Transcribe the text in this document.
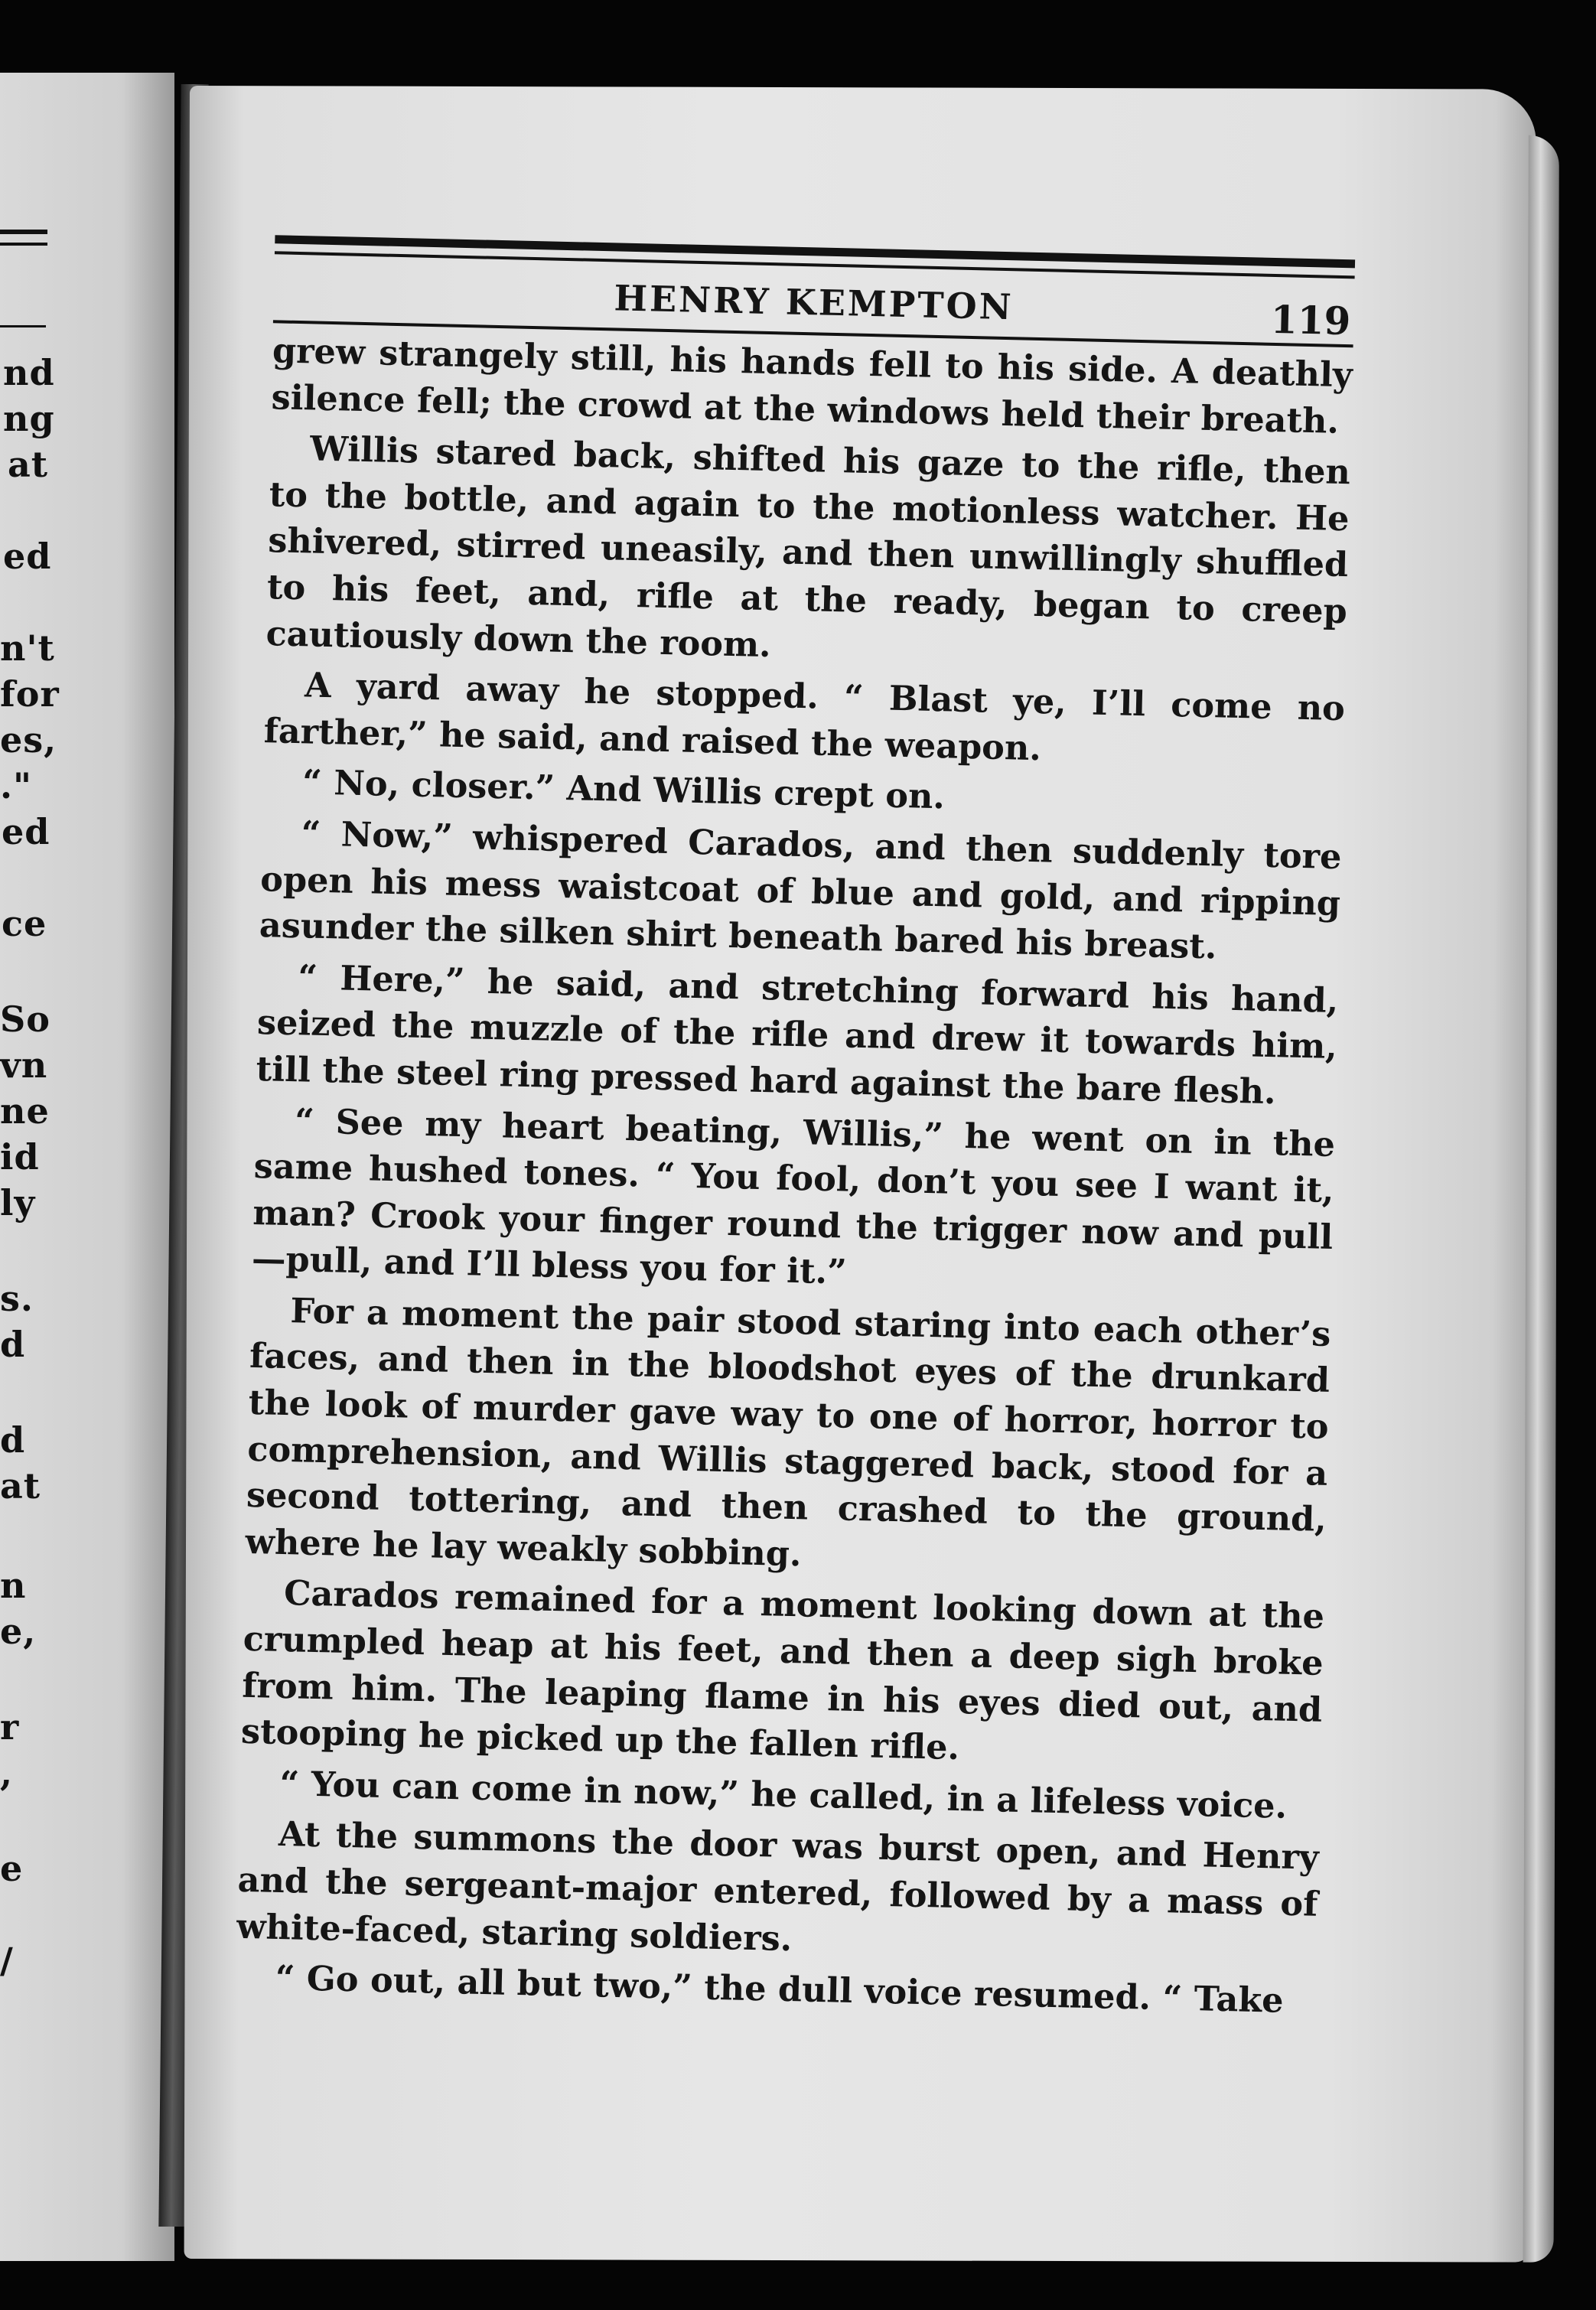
nd
ng
at
ed
n't
for
es,
."
ed
ce
So
vn
ne
id
ly
s.
d
d
at
n
e,
r
,
e
/
HENRY KEMPTON	119

grew strangely still, his hands fell to his side. A deathly silence fell; the crowd at the windows held their breath.

Willis stared back, shifted his gaze to the rifle, then to the bottle, and again to the motionless watcher. He shivered, stirred uneasily, and then unwillingly shuffled to his feet, and, rifle at the ready, began to creep cautiously down the room.

A yard away he stopped. “ Blast ye, I’ll come no farther,” he said, and raised the weapon.

“ No, closer.” And Willis crept on.

“ Now,” whispered Carados, and then suddenly tore open his mess waistcoat of blue and gold, and ripping asunder the silken shirt beneath bared his breast.

“ Here,” he said, and stretching forward his hand, seized the muzzle of the rifle and drew it towards him, till the steel ring pressed hard against the bare flesh.

“ See my heart beating, Willis,” he went on in the same hushed tones. “ You fool, don’t you see I want it, man? Crook your finger round the trigger now and pull—pull, and I’ll bless you for it.”

For a moment the pair stood staring into each other’s faces, and then in the bloodshot eyes of the drunkard the look of murder gave way to one of horror, horror to comprehension, and Willis staggered back, stood for a second tottering, and then crashed to the ground, where he lay weakly sobbing.

Carados remained for a moment looking down at the crumpled heap at his feet, and then a deep sigh broke from him. The leaping flame in his eyes died out, and stooping he picked up the fallen rifle.

“ You can come in now,” he called, in a lifeless voice.

At the summons the door was burst open, and Henry and the sergeant-major entered, followed by a mass of white-faced, staring soldiers.

“ Go out, all but two,” the dull voice resumed. “ Take
